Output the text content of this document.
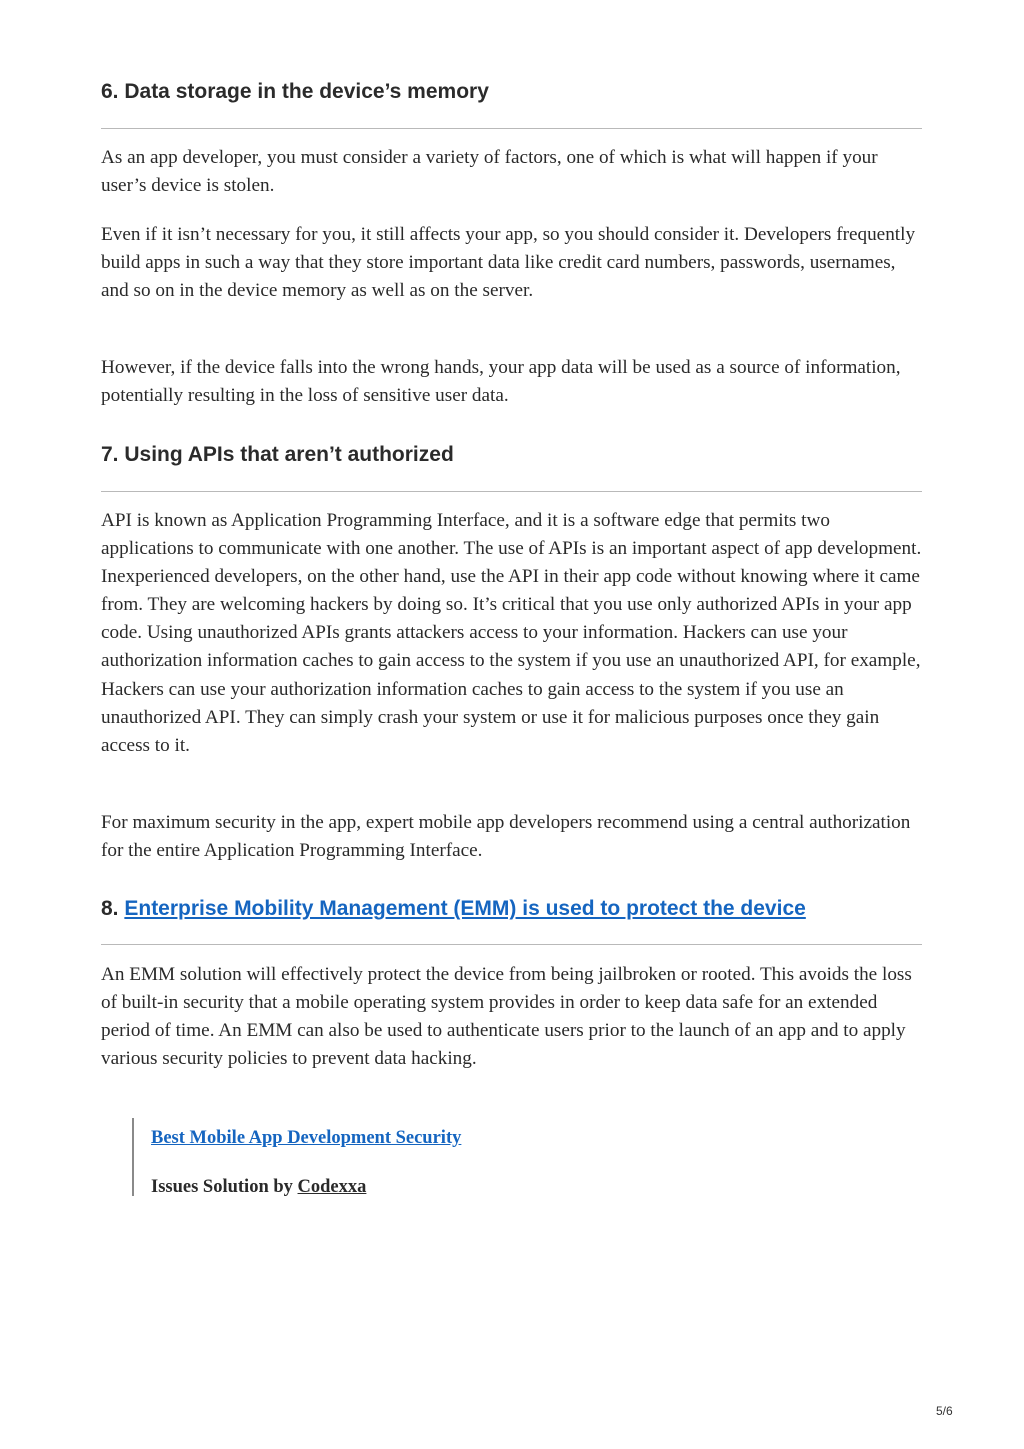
6. Data storage in the device’s memory

As an app developer, you must consider a variety of factors, one of which is what will happen if your user’s device is stolen.

Even if it isn’t necessary for you, it still affects your app, so you should consider it. Developers frequently build apps in such a way that they store important data like credit card numbers, passwords, usernames, and so on in the device memory as well as on the server.

However, if the device falls into the wrong hands, your app data will be used as a source of information, potentially resulting in the loss of sensitive user data.

7. Using APIs that aren’t authorized

API is known as Application Programming Interface, and it is a software edge that permits two applications to communicate with one another. The use of APIs is an important aspect of app development. Inexperienced developers, on the other hand, use the API in their app code without knowing where it came from. They are welcoming hackers by doing so. It’s critical that you use only authorized APIs in your app code. Using unauthorized APIs grants attackers access to your information. Hackers can use your authorization information caches to gain access to the system if you use an unauthorized API, for example, Hackers can use your authorization information caches to gain access to the system if you use an unauthorized API. They can simply crash your system or use it for malicious purposes once they gain access to it.

For maximum security in the app, expert mobile app developers recommend using a central authorization for the entire Application Programming Interface.

8. Enterprise Mobility Management (EMM) is used to protect the device

An EMM solution will effectively protect the device from being jailbroken or rooted. This avoids the loss of built-in security that a mobile operating system provides in order to keep data safe for an extended period of time. An EMM can also be used to authenticate users prior to the launch of an app and to apply various security policies to prevent data hacking.

Best Mobile App Development Security

Issues Solution by Codexxa

5/6
